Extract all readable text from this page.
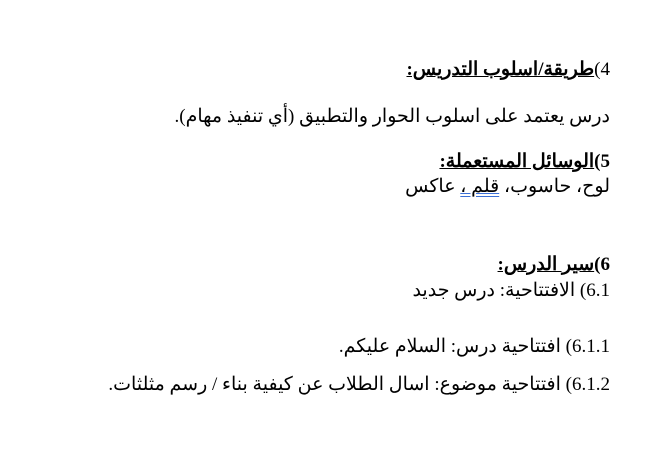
4)طريقة/اسلوب التدريس:
درس يعتمد على اسلوب الحوار والتطبيق (أي تنفيذ مهام).
5)الوسائل المستعملة:
لوح، حاسوب، قلم ، عاكس
6)سير الدرس:
6.1) الافتتاحية: درس جديد
6.1.1) افتتاحية درس: السلام عليكم.
6.1.2) افتتاحية موضوع: اسال الطلاب عن كيفية بناء / رسم مثلثات.
